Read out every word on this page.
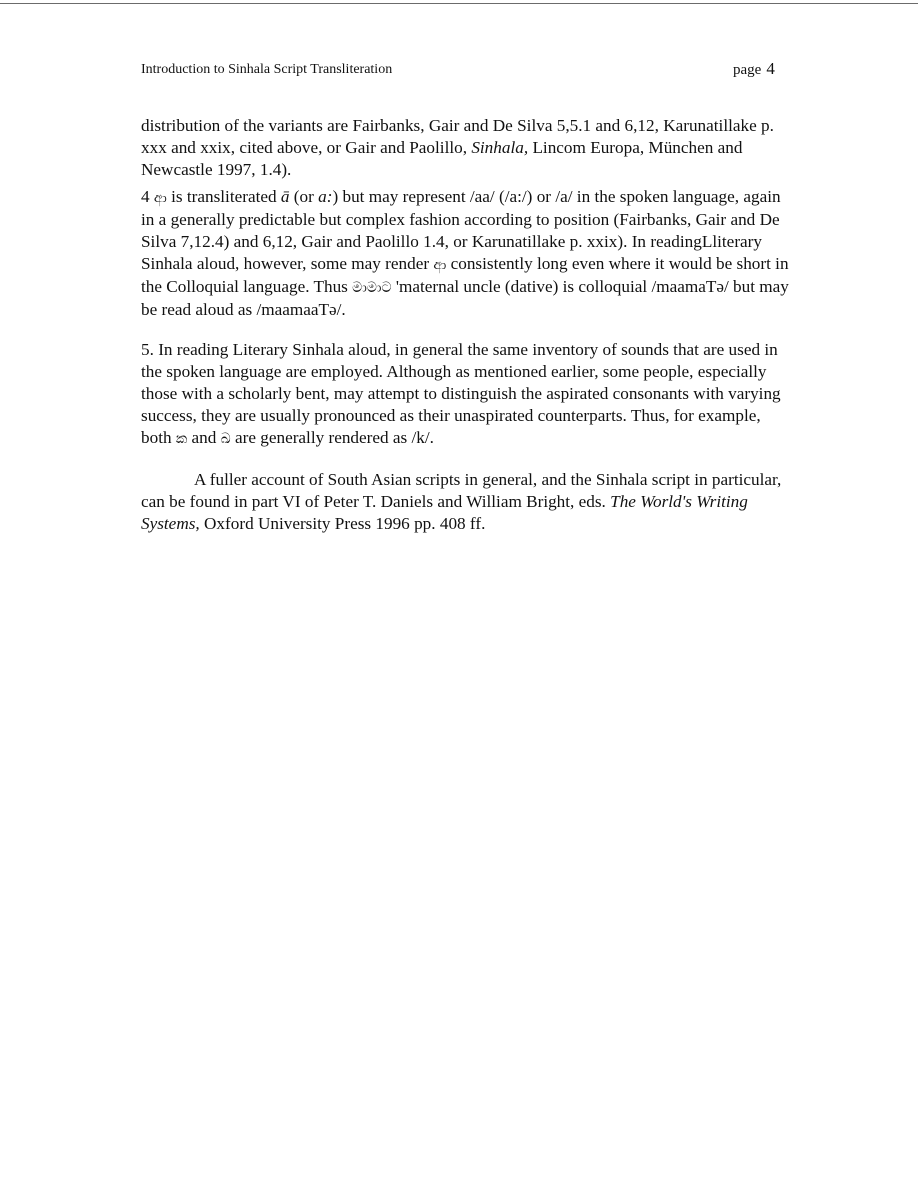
Introduction to Sinhala Script Transliteration	page 4

distribution of the variants are Fairbanks, Gair and De Silva 5,5.1 and 6,12, Karunatillake p. xxx and xxix, cited above, or Gair and Paolillo, Sinhala, Lincom Europa, München and Newcastle 1997, 1.4).

4 ආ is transliterated ā (or a:) but may represent /aa/ (/a:/) or /a/ in the spoken language, again in a generally predictable but complex fashion according to position (Fairbanks, Gair and De Silva 7,12.4) and 6,12, Gair and Paolillo 1.4, or Karunatillake p. xxix). In readingLliterary Sinhala aloud, however, some may render ආ consistently long even where it would be short in the Colloquial language. Thus මාමාට 'maternal uncle (dative) is colloquial /maamaTə/ but may be read aloud as /maamaaTə/.

5. In reading Literary Sinhala aloud, in general the same inventory of sounds that are used in the spoken language are employed. Although as mentioned earlier, some people, especially those with a scholarly bent, may attempt to distinguish the aspirated consonants with varying success, they are usually pronounced as their unaspirated counterparts. Thus, for example, both ක and ඛ are generally rendered as /k/.

A fuller account of South Asian scripts in general, and the Sinhala script in particular, can be found in part VI of Peter T. Daniels and William Bright, eds. The World's Writing Systems, Oxford University Press 1996 pp. 408 ff.
